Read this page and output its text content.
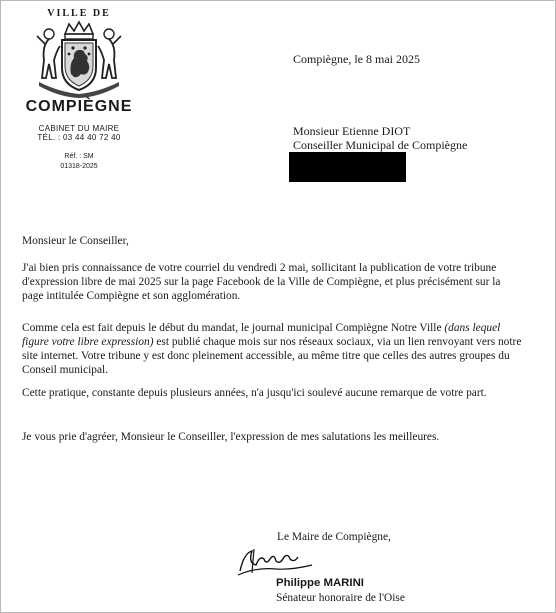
VILLE DE
COMPIÈGNE
CABINET DU MAIRE
TÉL. : 03 44 40 72 40
Réf. : SM
01318-2025
Compiègne, le 8 mai 2025
Monsieur Etienne DIOT
Conseiller Municipal de Compiègne
Monsieur le Conseiller,
J'ai bien pris connaissance de votre courriel du vendredi 2 mai, sollicitant la publication de votre tribune d'expression libre de mai 2025 sur la page Facebook de la Ville de Compiègne, et plus précisément sur la page intitulée Compiègne et son agglomération.
Comme cela est fait depuis le début du mandat, le journal municipal Compiègne Notre Ville (dans lequel figure votre libre expression) est publié chaque mois sur nos réseaux sociaux, via un lien renvoyant vers notre site internet. Votre tribune y est donc pleinement accessible, au même titre que celles des autres groupes du Conseil municipal.
Cette pratique, constante depuis plusieurs années, n'a jusqu'ici soulevé aucune remarque de votre part.
Je vous prie d'agréer, Monsieur le Conseiller, l'expression de mes salutations les meilleures.
Le Maire de Compiègne,
Philippe MARINI
Sénateur honoraire de l'Oise
